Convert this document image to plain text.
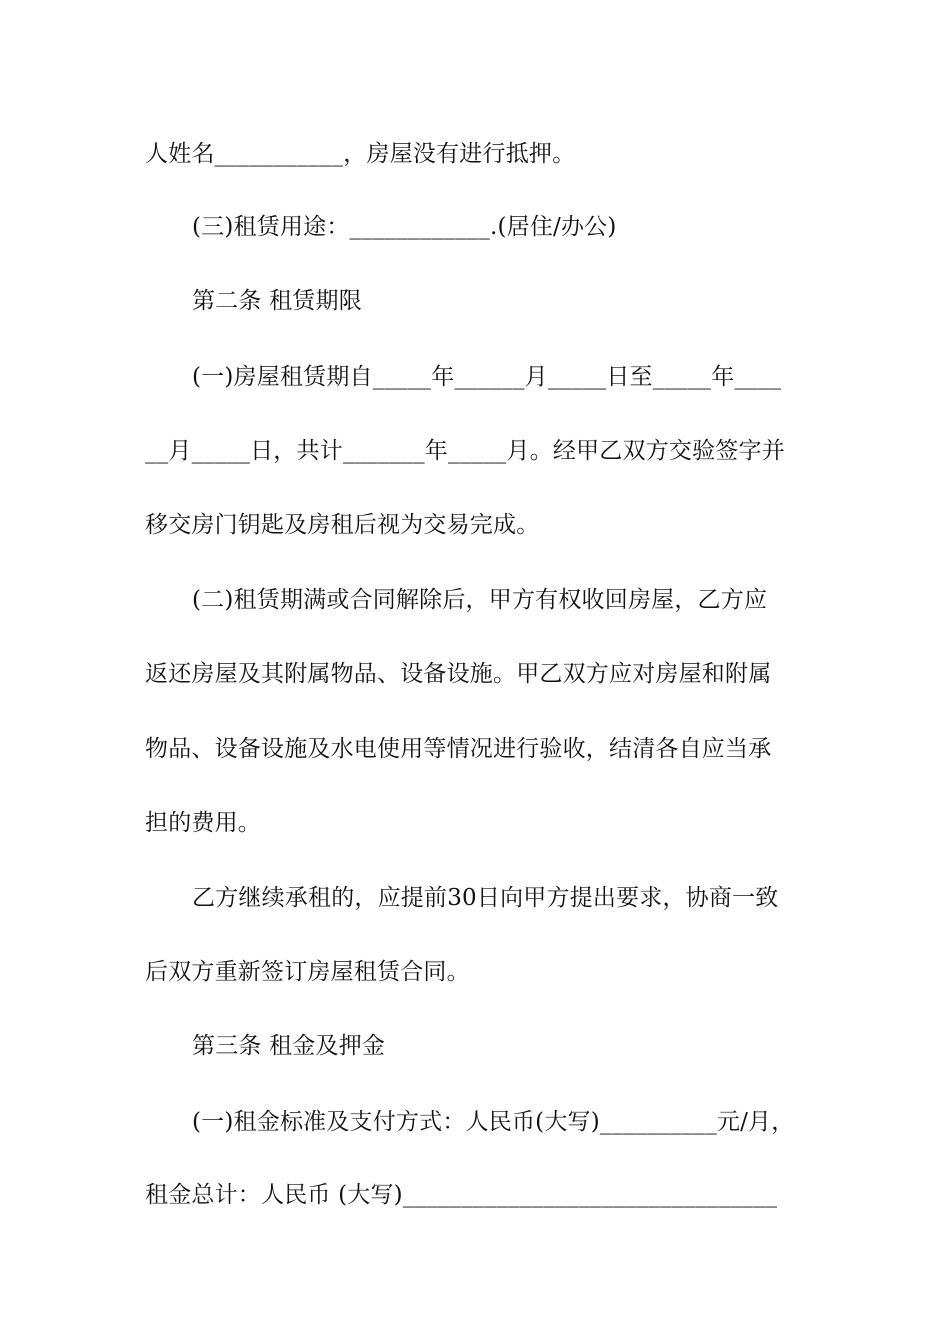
人姓名___________，房屋没有进行抵押。
(三)租赁用途：____________.(居住/办公)
第二条 租赁期限
(一)房屋租赁期自_____年______月_____日至_____年____
__月_____日，共计_______年_____月。经甲乙双方交验签字并
移交房门钥匙及房租后视为交易完成。
(二)租赁期满或合同解除后，甲方有权收回房屋，乙方应
返还房屋及其附属物品、设备设施。甲乙双方应对房屋和附属
物品、设备设施及水电使用等情况进行验收，结清各自应当承
担的费用。
乙方继续承租的，应提前30日向甲方提出要求，协商一致
后双方重新签订房屋租赁合同。
第三条 租金及押金
(一)租金标准及支付方式：人民币(大写)__________元/月，
租金总计：人民币 (大写)________________________________
